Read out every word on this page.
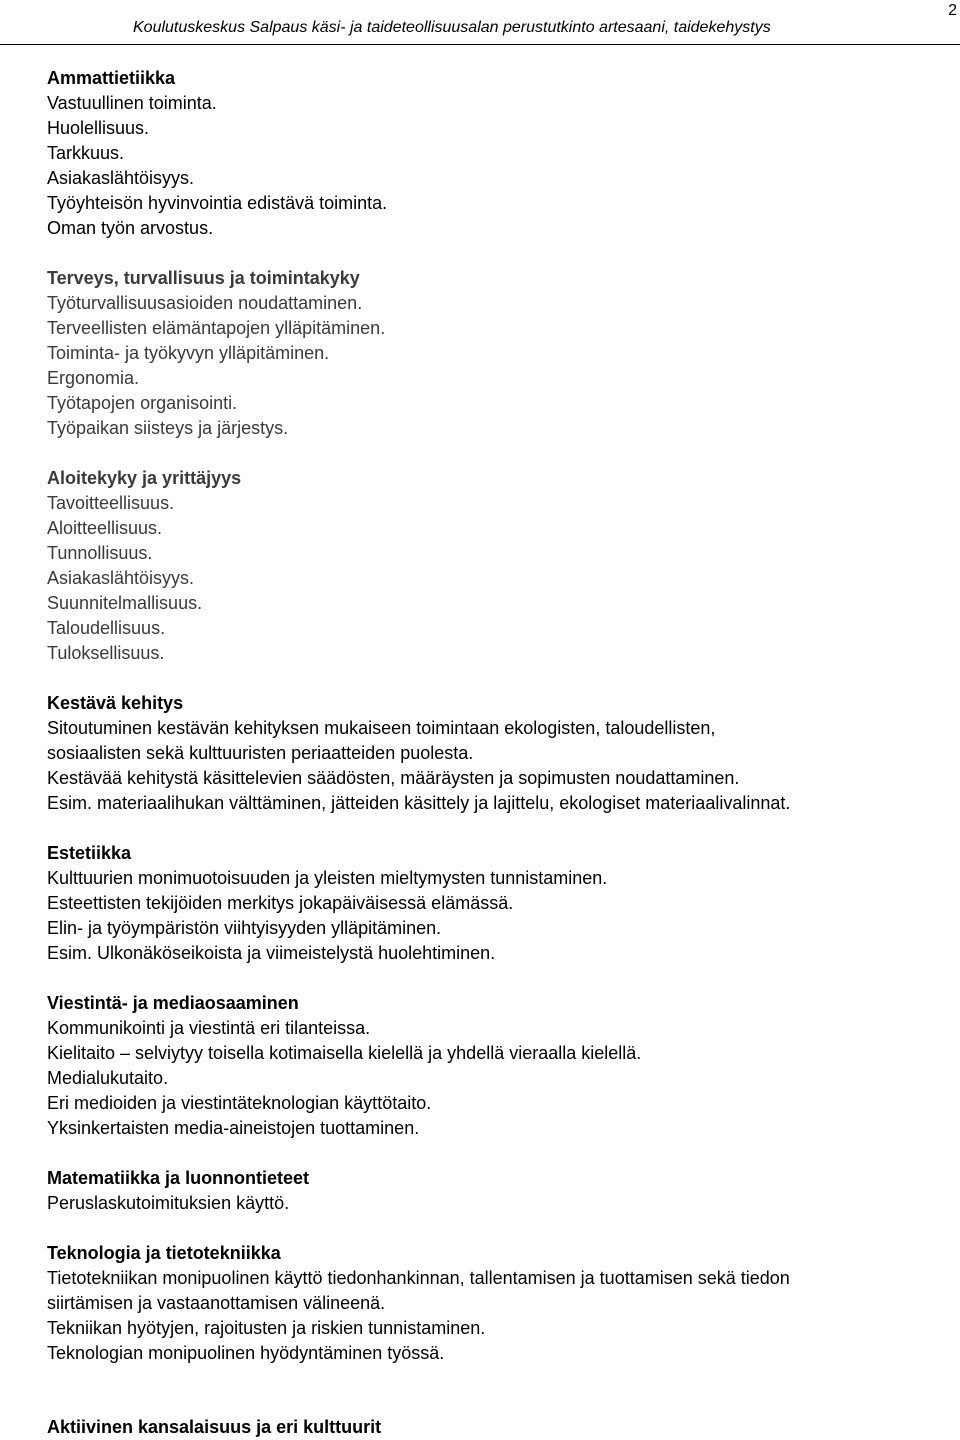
Koulutuskeskus Salpaus käsi- ja taideteollisuusalan perustutkinto artesaani, taidekehystys
2
Ammattietiikka
Vastuullinen toiminta.
Huolellisuus.
Tarkkuus.
Asiakaslähtöisyys.
Työyhteisön hyvinvointia edistävä toiminta.
Oman työn arvostus.
Terveys, turvallisuus ja toimintakyky
Työturvallisuusasioiden noudattaminen.
Terveellisten elämäntapojen ylläpitäminen.
Toiminta- ja työkyvyn ylläpitäminen.
Ergonomia.
Työtapojen organisointi.
Työpaikan siisteys ja järjestys.
Aloitekyky ja yrittäjyys
Tavoitteellisuus.
Aloitteellisuus.
Tunnollisuus.
Asiakaslähtöisyys.
Suunnitelmallisuus.
Taloudellisuus.
Tuloksellisuus.
Kestävä kehitys
Sitoutuminen kestävän kehityksen mukaiseen toimintaan ekologisten, taloudellisten,
sosiaalisten sekä kulttuuristen periaatteiden puolesta.
Kestävää kehitystä käsittelevien säädösten, määräysten ja sopimusten noudattaminen.
Esim. materiaalihukan välttäminen, jätteiden käsittely ja lajittelu, ekologiset materiaalivalinnat.
Estetiikka
Kulttuurien monimuotoisuuden ja yleisten mieltymysten tunnistaminen.
Esteettisten tekijöiden merkitys jokapäiväisessä elämässä.
Elin- ja työympäristön viihtyisyyden ylläpitäminen.
Esim. Ulkonäköseikoista ja viimeistelystä huolehtiminen.
Viestintä- ja mediaosaaminen
Kommunikointi ja viestintä eri tilanteissa.
Kielitaito – selviytyy toisella kotimaisella kielellä ja yhdellä vieraalla kielellä.
Medialukutaito.
Eri medioiden ja viestintäteknologian käyttötaito.
Yksinkertaisten media-aineistojen tuottaminen.
Matematiikka ja luonnontieteet
Peruslaskutoimituksien käyttö.
Teknologia ja tietotekniikka
Tietotekniikan monipuolinen käyttö tiedonhankinnan, tallentamisen ja tuottamisen sekä tiedon
siirtämisen ja vastaanottamisen välineenä.
Tekniikan hyötyjen, rajoitusten ja riskien tunnistaminen.
Teknologian monipuolinen hyödyntäminen työssä.
Aktiivinen kansalaisuus ja eri kulttuurit
